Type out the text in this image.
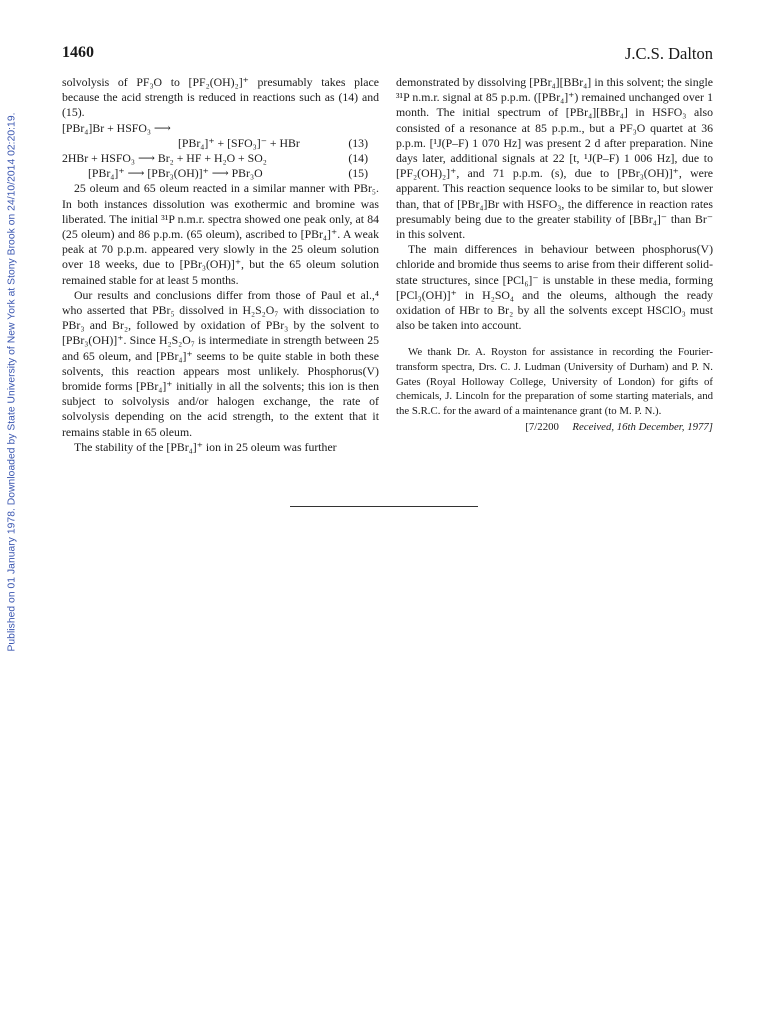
Published on 01 January 1978. Downloaded by State University of New York at Stony Brook on 24/10/2014 02:20:19.
1460	J.C.S. Dalton

solvolysis of PF₃O to [PF₂(OH)₂]⁺ presumably takes place because the acid strength is reduced in reactions such as (14) and (15).

[PBr₄]Br + HSFO₃ ⟶
[PBr₄]⁺ + [SFO₃]⁻ + HBr	(13)
2HBr + HSFO₃ ⟶ Br₂ + HF + H₂O + SO₂	(14)
[PBr₄]⁺ ⟶ [PBr₃(OH)]⁺ ⟶ PBr₃O	(15)

25 oleum and 65 oleum reacted in a similar manner with PBr₅. In both instances dissolution was exothermic and bromine was liberated. The initial ³¹P n.m.r. spectra showed one peak only, at 84 (25 oleum) and 86 p.p.m. (65 oleum), ascribed to [PBr₄]⁺. A weak peak at 70 p.p.m. appeared very slowly in the 25 oleum solution over 18 weeks, due to [PBr₃(OH)]⁺, but the 65 oleum solution remained stable for at least 5 months.

Our results and conclusions differ from those of Paul et al.,⁴ who asserted that PBr₅ dissolved in H₂S₂O₇ with dissociation to PBr₃ and Br₂, followed by oxidation of PBr₃ by the solvent to [PBr₃(OH)]⁺. Since H₂S₂O₇ is intermediate in strength between 25 and 65 oleum, and [PBr₄]⁺ seems to be quite stable in both these solvents, this reaction appears most unlikely. Phosphorus(V) bromide forms [PBr₄]⁺ initially in all the solvents; this ion is then subject to solvolysis and/or halogen exchange, the rate of solvolysis depending on the acid strength, to the extent that it remains stable in 65 oleum.

The stability of the [PBr₄]⁺ ion in 25 oleum was further

demonstrated by dissolving [PBr₄][BBr₄] in this solvent; the single ³¹P n.m.r. signal at 85 p.p.m. ([PBr₄]⁺) remained unchanged over 1 month. The initial spectrum of [PBr₄][BBr₄] in HSFO₃ also consisted of a resonance at 85 p.p.m., but a PF₃O quartet at 36 p.p.m. [¹J(P–F) 1 070 Hz] was present 2 d after preparation. Nine days later, additional signals at 22 [t, ¹J(P–F) 1 006 Hz], due to [PF₂(OH)₂]⁺, and 71 p.p.m. (s), due to [PBr₃(OH)]⁺, were apparent. This reaction sequence looks to be similar to, but slower than, that of [PBr₄]Br with HSFO₃, the difference in reaction rates presumably being due to the greater stability of [BBr₄]⁻ than Br⁻ in this solvent.

The main differences in behaviour between phosphorus(V) chloride and bromide thus seems to arise from their different solid-state structures, since [PCl₆]⁻ is unstable in these media, forming [PCl₃(OH)]⁺ in H₂SO₄ and the oleums, although the ready oxidation of HBr to Br₂ by all the solvents except HSClO₃ must also be taken into account.

We thank Dr. A. Royston for assistance in recording the Fourier-transform spectra, Drs. C. J. Ludman (University of Durham) and P. N. Gates (Royal Holloway College, University of London) for gifts of chemicals, J. Lincoln for the preparation of some starting materials, and the S.R.C. for the award of a maintenance grant (to M. P. N.).

[7/2200 Received, 16th December, 1977]
